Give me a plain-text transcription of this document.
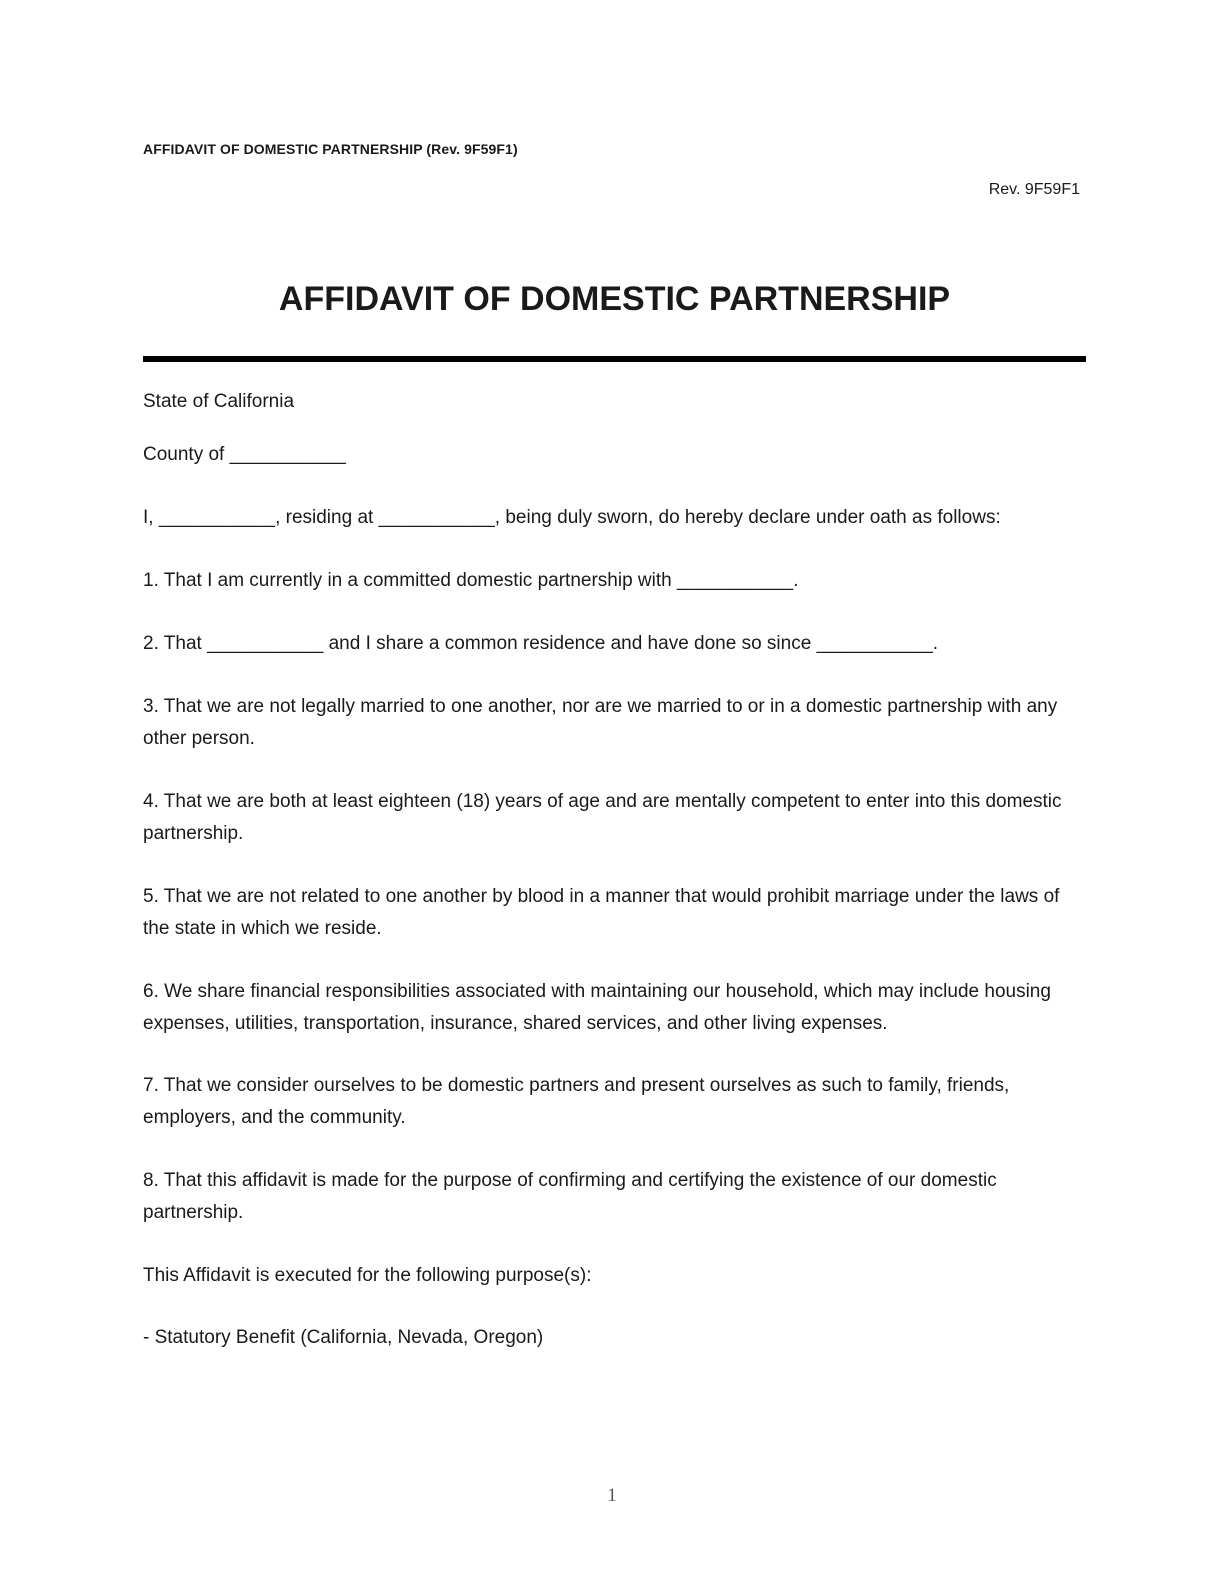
AFFIDAVIT OF DOMESTIC PARTNERSHIP (Rev. 9F59F1)
Rev. 9F59F1
AFFIDAVIT OF DOMESTIC PARTNERSHIP

State of California

County of ___________

I, ___________, residing at ___________, being duly sworn, do hereby declare under oath as follows:

1. That I am currently in a committed domestic partnership with ___________.

2. That ___________ and I share a common residence and have done so since ___________.

3. That we are not legally married to one another, nor are we married to or in a domestic partnership with any other person.

4. That we are both at least eighteen (18) years of age and are mentally competent to enter into this domestic partnership.

5. That we are not related to one another by blood in a manner that would prohibit marriage under the laws of the state in which we reside.

6. We share financial responsibilities associated with maintaining our household, which may include housing expenses, utilities, transportation, insurance, shared services, and other living expenses.

7. That we consider ourselves to be domestic partners and present ourselves as such to family, friends, employers, and the community.

8. That this affidavit is made for the purpose of confirming and certifying the existence of our domestic partnership.

This Affidavit is executed for the following purpose(s):

- Statutory Benefit (California, Nevada, Oregon)

1
